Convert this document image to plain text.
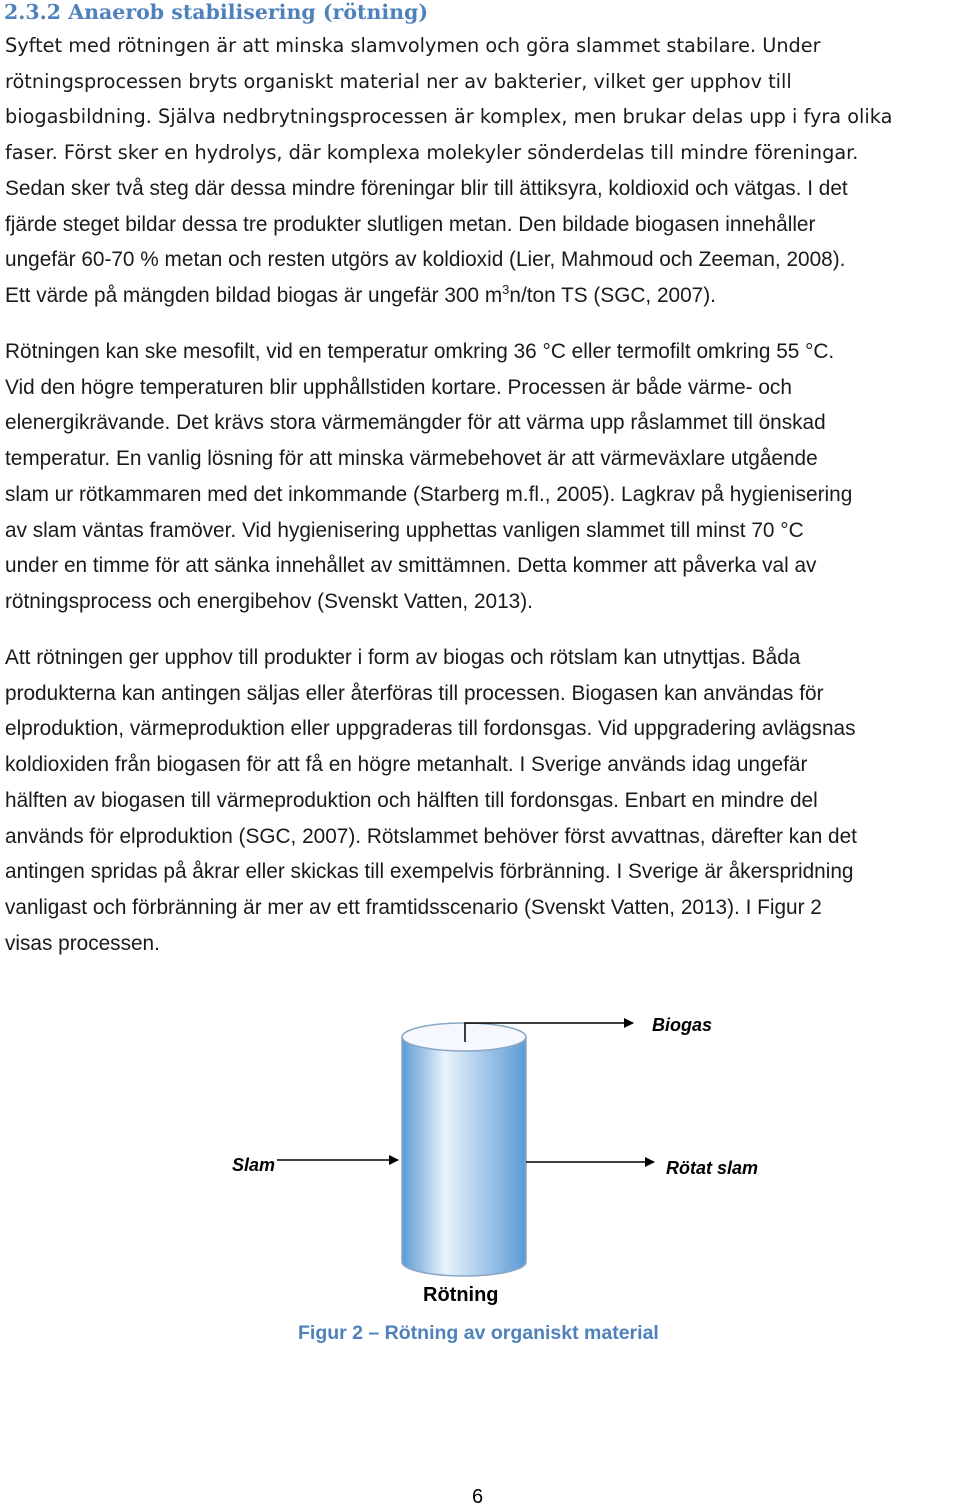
2.3.2 Anaerob stabilisering (rötning)

Syftet med rötningen är att minska slamvolymen och göra slammet stabilare. Under
rötningsprocessen bryts organiskt material ner av bakterier, vilket ger upphov till
biogasbildning. Själva nedbrytningsprocessen är komplex, men brukar delas upp i fyra olika
faser. Först sker en hydrolys, där komplexa molekyler sönderdelas till mindre föreningar.

Sedan sker två steg där dessa mindre föreningar blir till ättiksyra, koldioxid och vätgas. I det
fjärde steget bildar dessa tre produkter slutligen metan. Den bildade biogasen innehåller
ungefär 60-70 % metan och resten utgörs av koldioxid (Lier, Mahmoud och Zeeman, 2008).
Ett värde på mängden bildad biogas är ungefär 300 $m^3n$/ton TS (SGC, 2007).

Rötningen kan ske mesofilt, vid en temperatur omkring 36 °C eller termofilt omkring 55 °C.
Vid den högre temperaturen blir upphållstiden kortare. Processen är både värme- och
elenergikrävande. Det krävs stora värmemängder för att värma upp råslammet till önskad
temperatur. En vanlig lösning för att minska värmebehovet är att värmeväxlare utgående
slam ur rötkammaren med det inkommande (Starberg m.fl., 2005). Lagkrav på hygienisering
av slam väntas framöver. Vid hygienisering upphettas vanligen slammet till minst 70 °C
under en timme för att sänka innehållet av smittämnen. Detta kommer att påverka val av
rötningsprocess och energibehov (Svenskt Vatten, 2013).

Att rötningen ger upphov till produkter i form av biogas och rötslam kan utnyttjas. Båda
produkterna kan antingen säljas eller återföras till processen. Biogasen kan användas för
elproduktion, värmeproduktion eller uppgraderas till fordonsgas. Vid uppgradering avlägsnas
koldioxiden från biogasen för att få en högre metanhalt. I Sverige används idag ungefär
hälften av biogasen till värmeproduktion och hälften till fordonsgas. Enbart en mindre del
används för elproduktion (SGC, 2007). Rötslammet behöver först avvattnas, därefter kan det
antingen spridas på åkrar eller skickas till exempelvis förbränning. I Sverige är åkerspridning
vanligast och förbränning är mer av ett framtidsscenario (Svenskt Vatten, 2013). I Figur 2
visas processen.

Biogas

Slam	Rötat slam

Rötning

Figur 2 – Rötning av organiskt material

6
